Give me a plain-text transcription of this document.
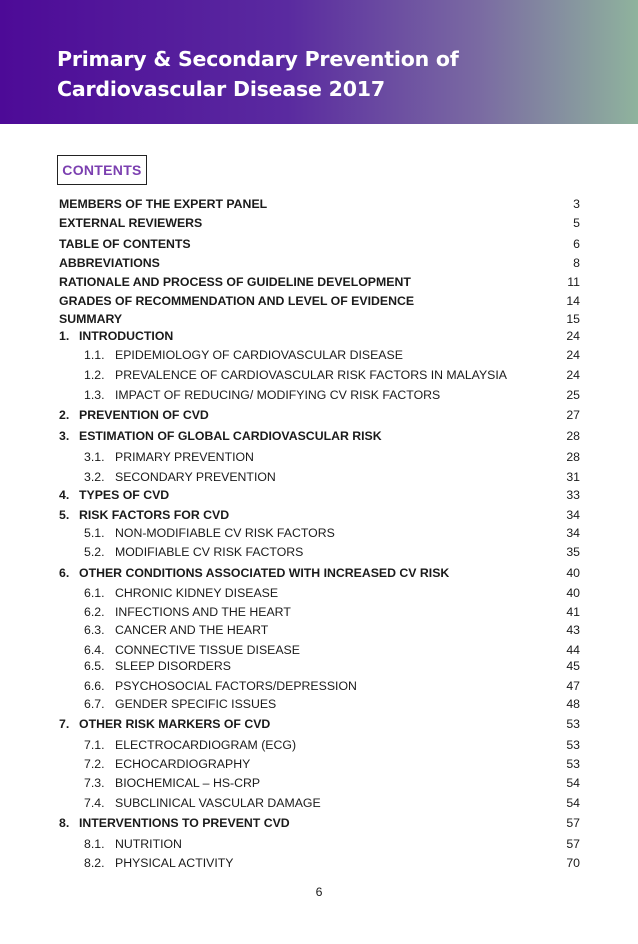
Primary & Secondary Prevention of Cardiovascular Disease 2017
CONTENTS
MEMBERS OF THE EXPERT PANEL	3
EXTERNAL REVIEWERS	5
TABLE OF CONTENTS	6
ABBREVIATIONS	8
RATIONALE AND PROCESS OF GUIDELINE DEVELOPMENT	11
GRADES OF RECOMMENDATION AND LEVEL OF EVIDENCE	14
SUMMARY	15
1. INTRODUCTION	24
1.1. EPIDEMIOLOGY OF CARDIOVASCULAR DISEASE	24
1.2. PREVALENCE OF CARDIOVASCULAR RISK FACTORS IN MALAYSIA	24
1.3. IMPACT OF REDUCING/ MODIFYING CV RISK FACTORS	25
2. PREVENTION OF CVD	27
3. ESTIMATION OF GLOBAL CARDIOVASCULAR RISK	28
3.1. PRIMARY PREVENTION	28
3.2. SECONDARY PREVENTION	31
4. TYPES OF CVD	33
5. RISK FACTORS FOR CVD	34
5.1. NON-MODIFIABLE CV RISK FACTORS	34
5.2. MODIFIABLE CV RISK FACTORS	35
6. OTHER CONDITIONS ASSOCIATED WITH INCREASED CV RISK	40
6.1. CHRONIC KIDNEY DISEASE	40
6.2. INFECTIONS AND THE HEART	41
6.3. CANCER AND THE HEART	43
6.4. CONNECTIVE TISSUE DISEASE	44
6.5. SLEEP DISORDERS	45
6.6. PSYCHOSOCIAL FACTORS/DEPRESSION	47
6.7. GENDER SPECIFIC ISSUES	48
7. OTHER RISK MARKERS OF CVD	53
7.1. ELECTROCARDIOGRAM (ECG)	53
7.2. ECHOCARDIOGRAPHY	53
7.3. BIOCHEMICAL – HS-CRP	54
7.4. SUBCLINICAL VASCULAR DAMAGE	54
8. INTERVENTIONS TO PREVENT CVD	57
8.1. NUTRITION	57
8.2. PHYSICAL ACTIVITY	70
6
